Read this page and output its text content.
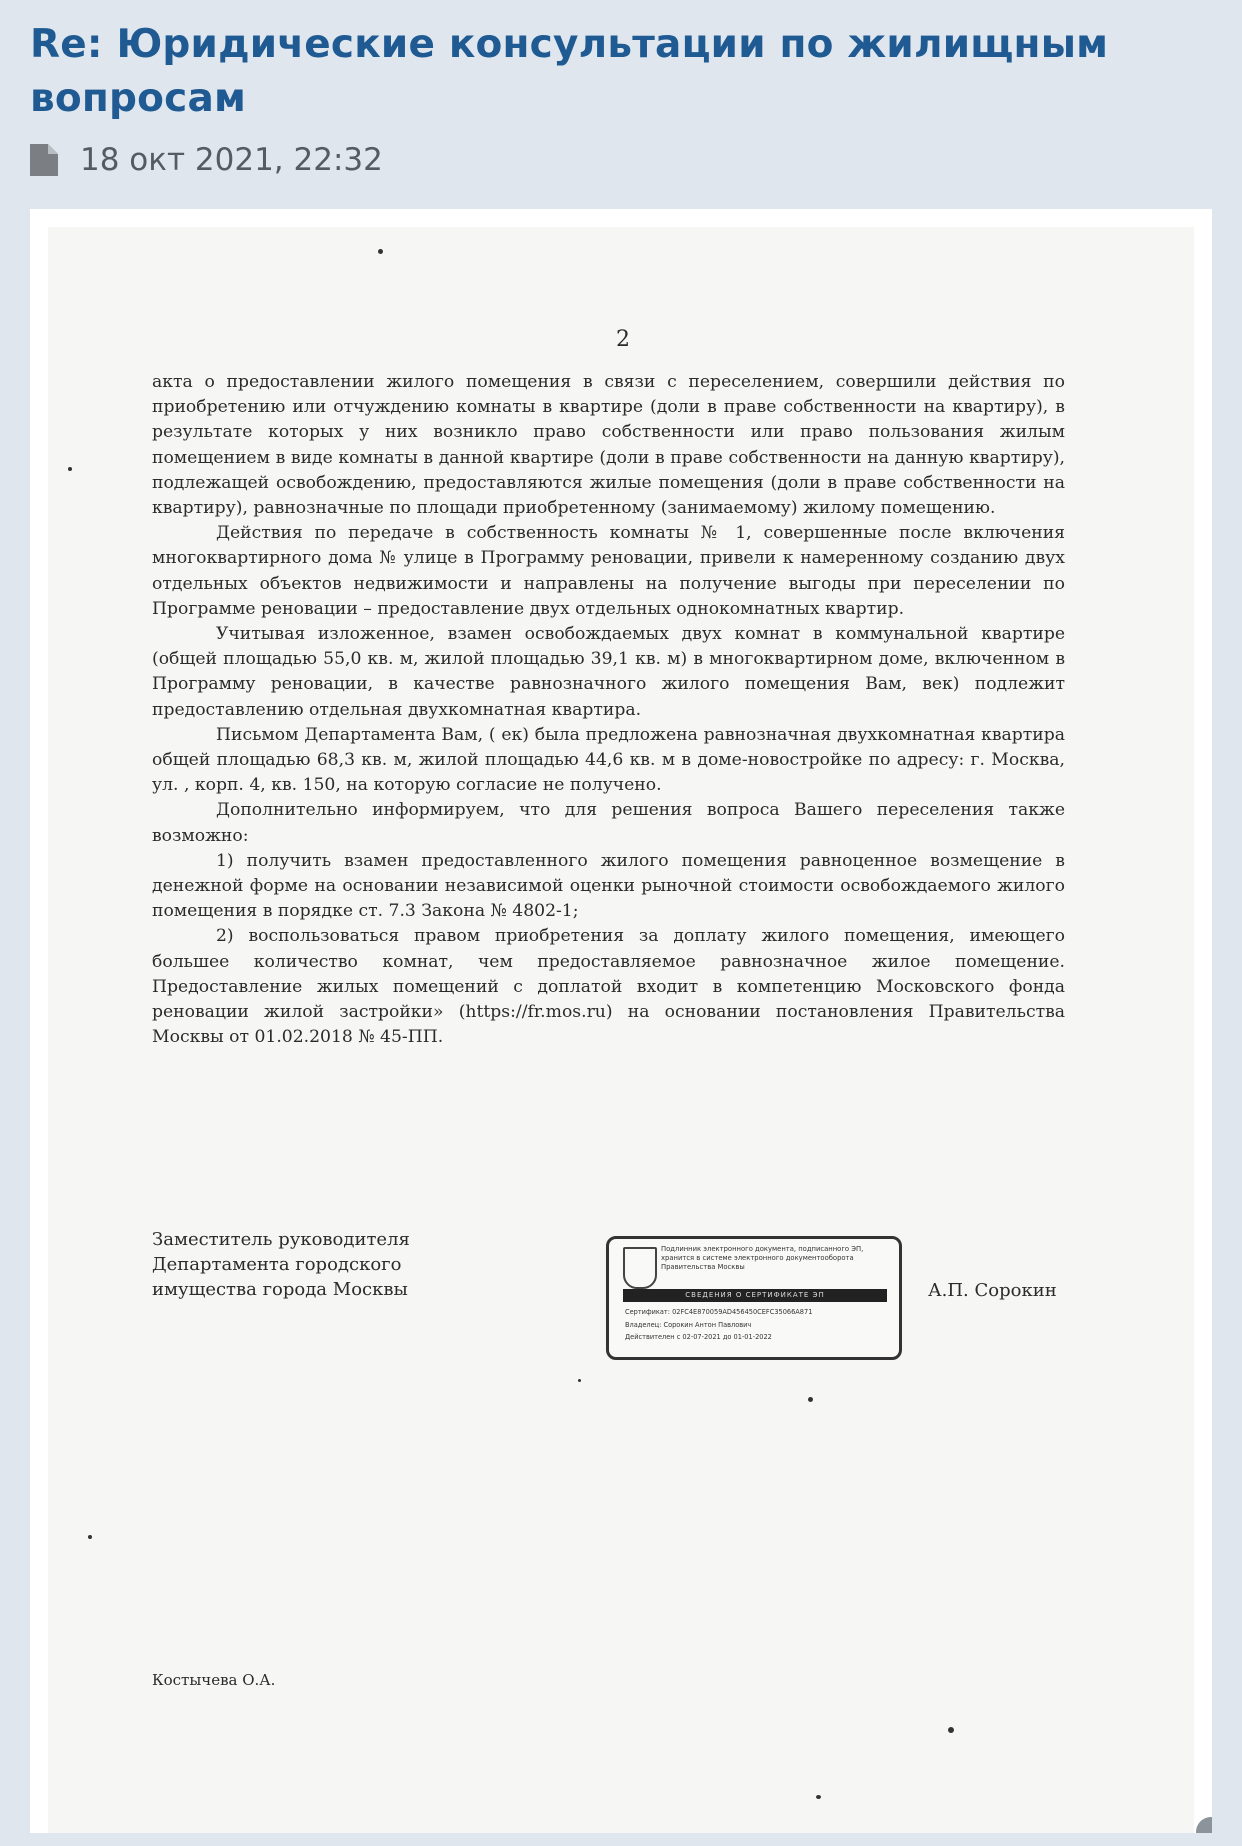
Re: Юридические консультации по жилищным вопросам
18 окт 2021, 22:32
2

акта о предоставлении жилого помещения в связи с переселением, совершили действия по приобретению или отчуждению комнаты в квартире (доли в праве собственности на квартиру), в результате которых у них возникло право собственности или право пользования жилым помещением в виде комнаты в данной квартире (доли в праве собственности на данную квартиру), подлежащей освобождению, предоставляются жилые помещения (доли в праве собственности на квартиру), равнозначные по площади приобретенному (занимаемому) жилому помещению.

Действия по передаче в собственность комнаты № 1, совершенные после включения многоквартирного дома № улице в Программу реновации, привели к намеренному созданию двух отдельных объектов недвижимости и направлены на получение выгоды при переселении по Программе реновации – предоставление двух отдельных однокомнатных квартир.

Учитывая изложенное, взамен освобождаемых двух комнат в коммунальной квартире (общей площадью 55,0 кв. м, жилой площадью 39,1 кв. м) в многоквартирном доме, включенном в Программу реновации, в качестве равнозначного жилого помещения Вам, век) подлежит предоставлению отдельная двухкомнатная квартира.

Письмом Департамента Вам, ( ек) была предложена равнозначная двухкомнатная квартира общей площадью 68,3 кв. м, жилой площадью 44,6 кв. м в доме-новостройке по адресу: г. Москва, ул. , корп. 4, кв. 150, на которую согласие не получено.

Дополнительно информируем, что для решения вопроса Вашего переселения также возможно:

1) получить взамен предоставленного жилого помещения равноценное возмещение в денежной форме на основании независимой оценки рыночной стоимости освобождаемого жилого помещения в порядке ст. 7.3 Закона № 4802-1;

2) воспользоваться правом приобретения за доплату жилого помещения, имеющего большее количество комнат, чем предоставляемое равнозначное жилое помещение. Предоставление жилых помещений с доплатой входит в компетенцию Московского фонда реновации жилой застройки» (https://fr.mos.ru) на основании постановления Правительства Москвы от 01.02.2018 № 45-ПП.

Заместитель руководителя
Департамента городского
имущества города Москвы
Подлинник электронного документа, подписанного ЭП, хранится в системе электронного документооборота Правительства Москвы
СВЕДЕНИЯ О СЕРТИФИКАТЕ ЭП
Сертификат: 02FC4E870059AD456450CEFC35066A871
Владелец: Сорокин Антон Павлович
Действителен с 02-07-2021 до 01-01-2022
А.П. Сорокин
Костычева О.А.
